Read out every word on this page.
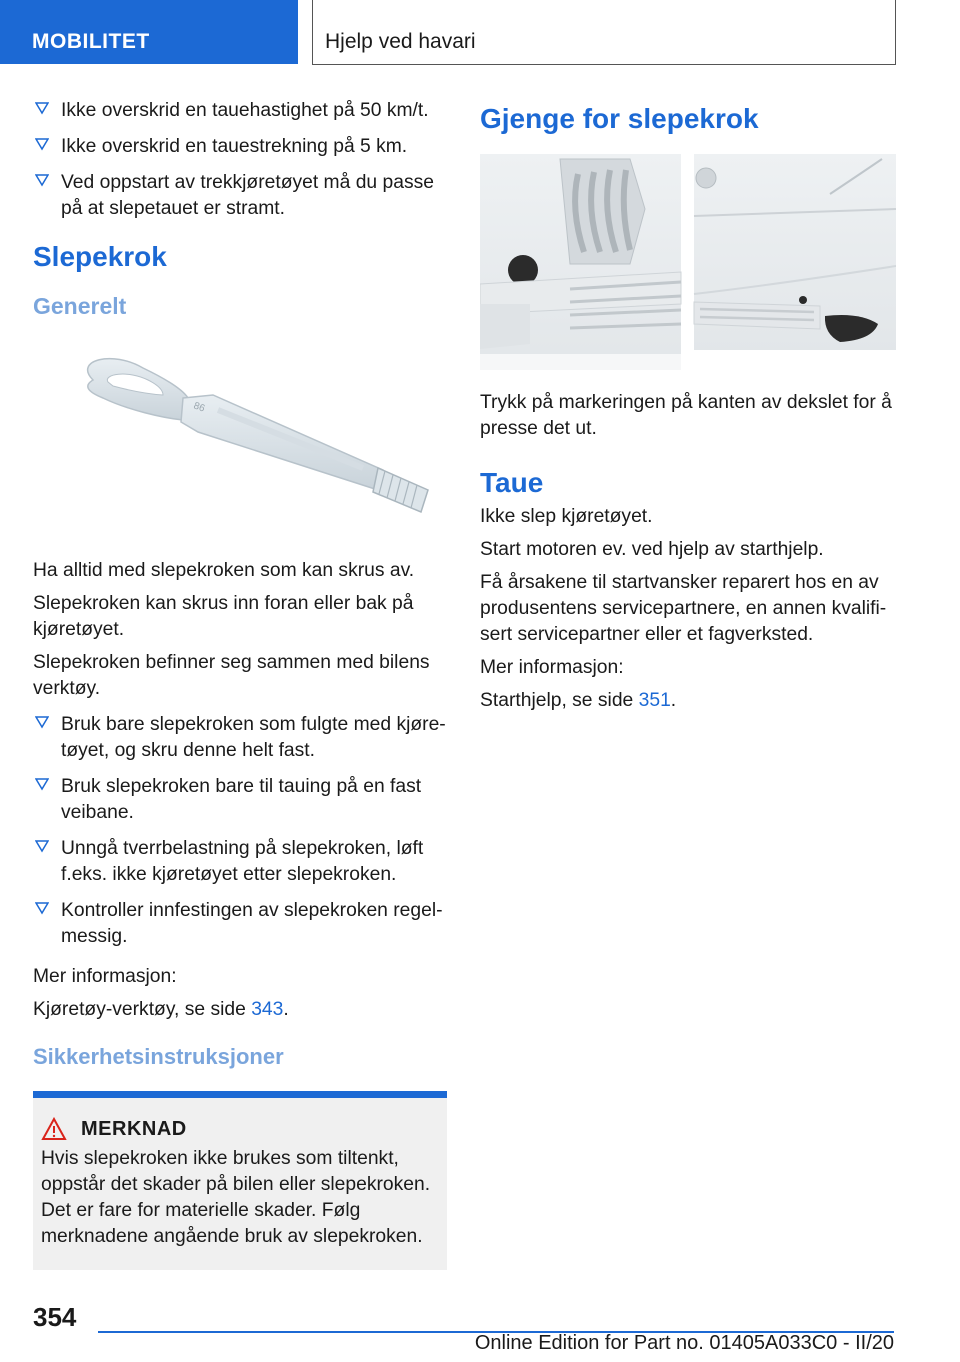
MOBILITET	Hjelp ved havari
Ikke overskrid en tauehastighet på 50 km/t.
Ikke overskrid en tauestrekning på 5 km.
Ved oppstart av trekkjøretøyet må du passe på at slepetauet er stramt.
Slepekrok
Generelt
86

Ha alltid med slepekroken som kan skrus av.

Slepekroken kan skrus inn foran eller bak på kjøretøyet.

Slepekroken befinner seg sammen med bilens verktøy.

Bruk bare slepekroken som fulgte med kjøretøyet, og skru denne helt fast.
Bruk slepekroken bare til tauing på en fast veibane.
Unngå tverrbelastning på slepekroken, løft f.eks. ikke kjøretøyet etter slepekroken.
Kontroller innfestingen av slepekroken regelmessig.

Mer informasjon:

Kjøretøy-verktøy, se side 343.

Sikkerhetsinstruksjoner
MERKNAD
Hvis slepekroken ikke brukes som tiltenkt, oppstår det skader på bilen eller slepekroken. Det er fare for materielle skader. Følg merknadene angående bruk av slepekroken.
Gjenge for slepekrok

Trykk på markeringen på kanten av dekslet for å presse det ut.

Taue

Ikke slep kjøretøyet.

Start motoren ev. ved hjelp av starthjelp.

Få årsakene til startvansker reparert hos en av produsentens servicepartnere, en annen kvalifisert servicepartner eller et fagverksted.

Mer informasjon:

Starthjelp, se side 351.

354
Online Edition for Part no. 01405A033C0 - II/20
